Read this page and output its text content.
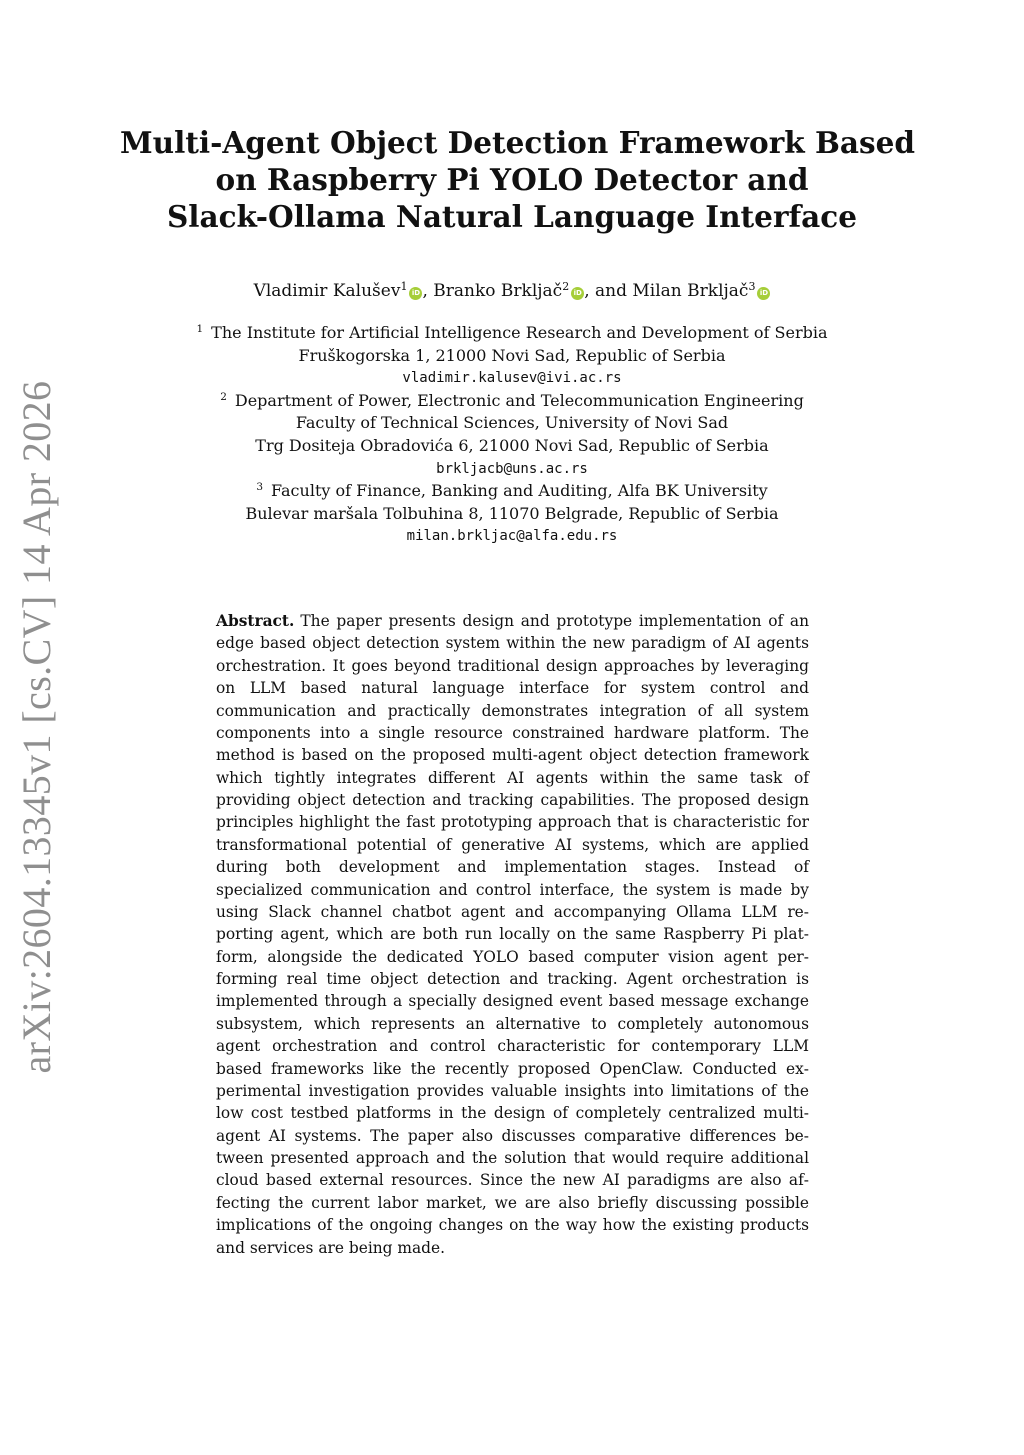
arXiv:2604.13345v1 [cs.CV] 14 Apr 2026
Multi-Agent Object Detection Framework Based
on Raspberry Pi YOLO Detector and
Slack-Ollama Natural Language Interface
Vladimir Kalušev$^1$ iD , Branko Brkljač$^2$ iD , and Milan Brkljač$^3$ iD
$^1$ The Institute for Artificial Intelligence Research and Development of Serbia
Fruškogorska 1, 21000 Novi Sad, Republic of Serbia
vladimir.kalusev@ivi.ac.rs
$^2$ Department of Power, Electronic and Telecommunication Engineering
Faculty of Technical Sciences, University of Novi Sad
Trg Dositeja Obradovića 6, 21000 Novi Sad, Republic of Serbia
brkljacb@uns.ac.rs
$^3$ Faculty of Finance, Banking and Auditing, Alfa BK University
Bulevar maršala Tolbuhina 8, 11070 Belgrade, Republic of Serbia
milan.brkljac@alfa.edu.rs
Abstract. The paper presents design and prototype implementation of an edge based object detection system within the new paradigm of AI agents orchestration. It goes beyond traditional design approaches by leveraging on LLM based natural language interface for system control and communication and practically demonstrates integration of all system components into a single resource constrained hardware platform. The method is based on the proposed multi-agent object detection framework which tightly integrates different AI agents within the same task of providing object detection and tracking capabilities. The proposed design principles highlight the fast prototyping approach that is characteristic for transformational potential of generative AI systems, which are applied during both development and implementation stages. Instead of specialized communication and control interface, the system is made by using Slack channel chatbot agent and accompanying Ollama LLM reporting agent, which are both run locally on the same Raspberry Pi platform, alongside the dedicated YOLO based computer vision agent performing real time object detection and tracking. Agent orchestration is implemented through a specially designed event based message exchange subsystem, which represents an alternative to completely autonomous agent orchestration and control characteristic for contemporary LLM based frameworks like the recently proposed OpenClaw. Conducted experimental investigation provides valuable insights into limitations of the low cost testbed platforms in the design of completely centralized multiagent AI systems. The paper also discusses comparative differences between presented approach and the solution that would require additional cloud based external resources. Since the new AI paradigms are also affecting the current labor market, we are also briefly discussing possible implications of the ongoing changes on the way how the existing products and services are being made.
